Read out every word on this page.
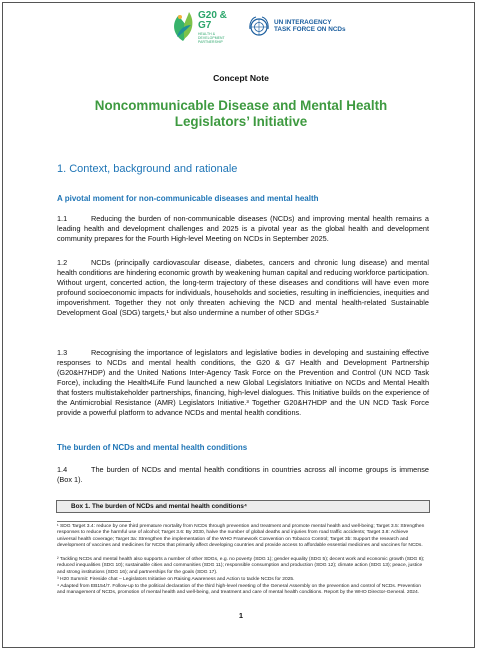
G20 & G7
HEALTH & DEVELOPMENT PARTNERSHIP
UN INTERAGENCY
TASK FORCE ON NCDs
Concept Note
Noncommunicable Disease and Mental Health Legislators’ Initiative
1. Context, background and rationale
A pivotal moment for non-communicable diseases and mental health
1.1	Reducing the burden of non-communicable diseases (NCDs) and improving mental health remains a leading health and development challenges and 2025 is a pivotal year as the global health and development community prepares for the Fourth High-level Meeting on NCDs in September 2025.
1.2	NCDs (principally cardiovascular disease, diabetes, cancers and chronic lung disease) and mental health conditions are hindering economic growth by weakening human capital and reducing workforce participation. Without urgent, concerted action, the long-term trajectory of these diseases and conditions will have even more profound socioeconomic impacts for individuals, households and societies, resulting in inefficiencies, inequities and impoverishment. Together they not only threaten achieving the NCD and mental health-related Sustainable Development Goal (SDG) targets,¹ but also undermine a number of other SDGs.²
1.3	Recognising the importance of legislators and legislative bodies in developing and sustaining effective responses to NCDs and mental health conditions, the G20 & G7 Health and Development Partnership (G20&H7HDP) and the United Nations Inter-Agency Task Force on the Prevention and Control (UN NCD Task Force), including the Health4Life Fund launched a new Global Legislators Initiative on NCDs and Mental Health that fosters multistakeholder partnerships, financing, high-level dialogues. This Initiative builds on the experience of the Antimicrobial Resistance (AMR) Legislators Initiative.³ Together G20&H7HDP and the UN NCD Task Force provide a powerful platform to advance NCDs and mental health conditions.
The burden of NCDs and mental health conditions
1.4	The burden of NCDs and mental health conditions in countries across all income groups is immense (Box 1).
Box 1. The burden of NCDs and mental health conditions⁴
¹ SDG Target 3.4: reduce by one third premature mortality from NCDs through prevention and treatment and promote mental health and well-being; Target 3.5: Strengthen responses to reduce the harmful use of alcohol; Target 3.6: By 2030, halve the number of global deaths and injuries from road traffic accidents; Target 3.8: Achieve universal health coverage; Target 3a: Strengthen the implementation of the WHO Framework Convention on Tobacco Control; Target 3b: Support the research and development of vaccines and medicines for NCDs that primarily affect developing countries and provide access to affordable essential medicines and vaccines for NCDs.
² Tackling NCDs and mental health also supports a number of other SDGs, e.g. no poverty (SDG 1); gender equality (SDG 5); decent work and economic growth (SDG 8); reduced inequalities (SDG 10); sustainable cities and communities (SDG 11); responsible consumption and production (SDG 12); climate action (SDG 13); peace, justice and strong institutions (SDG 16); and partnerships for the goals (SDG 17).
³ H20 Summit: Fireside chat – Legislators Initiative on Raising Awareness and Action to tackle NCDs for 2025.
⁴ Adapted from EB154/7. Follow-up to the political declaration of the third high-level meeting of the General Assembly on the prevention and control of NCDs. Prevention and management of NCDs, promotion of mental health and well-being, and treatment and care of mental health conditions. Report by the WHO Director-General. 2024.
1
